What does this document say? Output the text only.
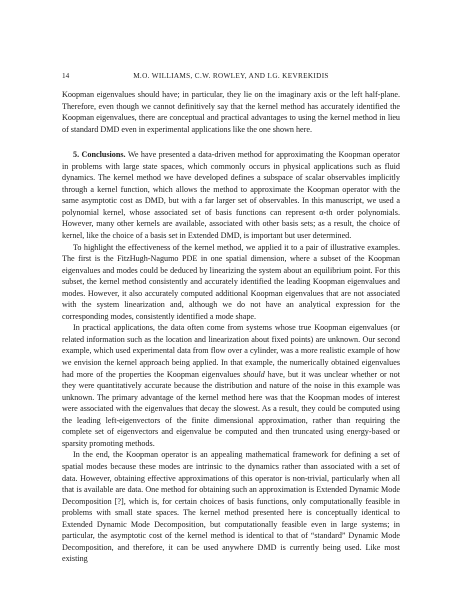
14	M.O. WILLIAMS, C.W. ROWLEY, AND I.G. KEVREKIDIS

Koopman eigenvalues should have; in particular, they lie on the imaginary axis or the left half-plane. Therefore, even though we cannot definitively say that the kernel method has accurately identified the Koopman eigenvalues, there are conceptual and practical advantages to using the kernel method in lieu of standard DMD even in experimental applications like the one shown here.

5. Conclusions. We have presented a data-driven method for approximating the Koopman operator in problems with large state spaces, which commonly occurs in physical applications such as fluid dynamics. The kernel method we have developed defines a subspace of scalar observables implicitly through a kernel function, which allows the method to approximate the Koopman operator with the same asymptotic cost as DMD, but with a far larger set of observables. In this manuscript, we used a polynomial kernel, whose associated set of basis functions can represent α-th order polynomials. However, many other kernels are available, associated with other basis sets; as a result, the choice of kernel, like the choice of a basis set in Extended DMD, is important but user determined.

To highlight the effectiveness of the kernel method, we applied it to a pair of illustrative examples. The first is the FitzHugh-Nagumo PDE in one spatial dimension, where a subset of the Koopman eigenvalues and modes could be deduced by linearizing the system about an equilibrium point. For this subset, the kernel method consistently and accurately identified the leading Koopman eigenvalues and modes. However, it also accurately computed additional Koopman eigenvalues that are not associated with the system linearization and, although we do not have an analytical expression for the corresponding modes, consistently identified a mode shape.

In practical applications, the data often come from systems whose true Koopman eigenvalues (or related information such as the location and linearization about fixed points) are unknown. Our second example, which used experimental data from flow over a cylinder, was a more realistic example of how we envision the kernel approach being applied. In that example, the numerically obtained eigenvalues had more of the properties the Koopman eigenvalues should have, but it was unclear whether or not they were quantitatively accurate because the distribution and nature of the noise in this example was unknown. The primary advantage of the kernel method here was that the Koopman modes of interest were associated with the eigenvalues that decay the slowest. As a result, they could be computed using the leading left-eigenvectors of the finite dimensional approximation, rather than requiring the complete set of eigenvectors and eigenvalue be computed and then truncated using energy-based or sparsity promoting methods.

In the end, the Koopman operator is an appealing mathematical framework for defining a set of spatial modes because these modes are intrinsic to the dynamics rather than associated with a set of data. However, obtaining effective approximations of this operator is non-trivial, particularly when all that is available are data. One method for obtaining such an approximation is Extended Dynamic Mode Decomposition [?], which is, for certain choices of basis functions, only computationally feasible in problems with small state spaces. The kernel method presented here is conceptually identical to Extended Dynamic Mode Decomposition, but computationally feasible even in large systems; in particular, the asymptotic cost of the kernel method is identical to that of “standard” Dynamic Mode Decomposition, and therefore, it can be used anywhere DMD is currently being used. Like most existing
